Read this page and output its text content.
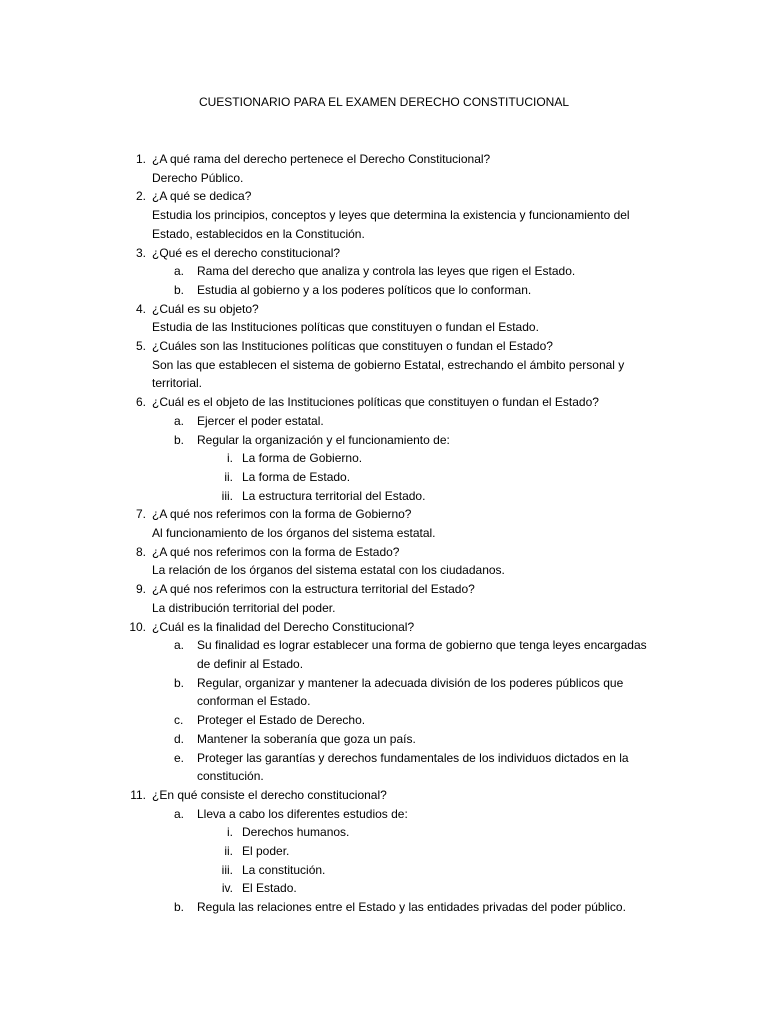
CUESTIONARIO PARA EL EXAMEN DERECHO CONSTITUCIONAL
1. ¿A qué rama del derecho pertenece el Derecho Constitucional?
Derecho Público.
2. ¿A qué se dedica?
Estudia los principios, conceptos y leyes que determina la existencia y funcionamiento del Estado, establecidos en la Constitución.
3. ¿Qué es el derecho constitucional?
a. Rama del derecho que analiza y controla las leyes que rigen el Estado.
b. Estudia al gobierno y a los poderes políticos que lo conforman.
4. ¿Cuál es su objeto?
Estudia de las Instituciones políticas que constituyen o fundan el Estado.
5. ¿Cuáles son las Instituciones políticas que constituyen o fundan el Estado?
Son las que establecen el sistema de gobierno Estatal, estrechando el ámbito personal y territorial.
6. ¿Cuál es el objeto de las Instituciones políticas que constituyen o fundan el Estado?
a. Ejercer el poder estatal.
b. Regular la organización y el funcionamiento de:
i. La forma de Gobierno.
ii. La forma de Estado.
iii. La estructura territorial del Estado.
7. ¿A qué nos referimos con la forma de Gobierno?
Al funcionamiento de los órganos del sistema estatal.
8. ¿A qué nos referimos con la forma de Estado?
La relación de los órganos del sistema estatal con los ciudadanos.
9. ¿A qué nos referimos con la estructura territorial del Estado?
La distribución territorial del poder.
10. ¿Cuál es la finalidad del Derecho Constitucional?
a. Su finalidad es lograr establecer una forma de gobierno que tenga leyes encargadas de definir al Estado.
b. Regular, organizar y mantener la adecuada división de los poderes públicos que conforman el Estado.
c. Proteger el Estado de Derecho.
d. Mantener la soberanía que goza un país.
e. Proteger las garantías y derechos fundamentales de los individuos dictados en la constitución.
11. ¿En qué consiste el derecho constitucional?
a. Lleva a cabo los diferentes estudios de:
i. Derechos humanos.
ii. El poder.
iii. La constitución.
iv. El Estado.
b. Regula las relaciones entre el Estado y las entidades privadas del poder público.
